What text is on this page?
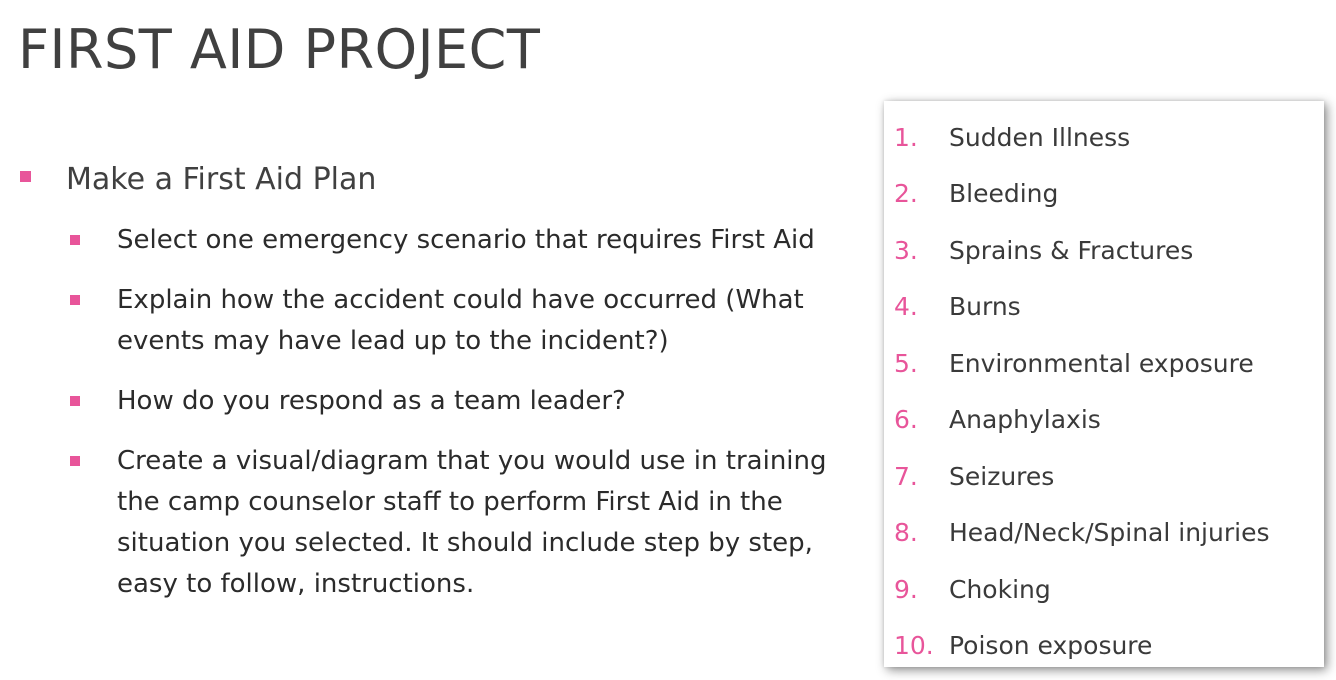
FIRST AID PROJECT
Make a First Aid Plan
Select one emergency scenario that requires First Aid
Explain how the accident could have occurred (What events may have lead up to the incident?)
How do you respond as a team leader?
Create a visual/diagram that you would use in training the camp counselor staff to perform First Aid in the situation you selected. It should include step by step, easy to follow, instructions.
1.	Sudden Illness
2.	Bleeding
3.	Sprains & Fractures
4.	Burns
5.	Environmental exposure
6.	Anaphylaxis
7.	Seizures
8.	Head/Neck/Spinal injuries
9.	Choking
10. Poison exposure
